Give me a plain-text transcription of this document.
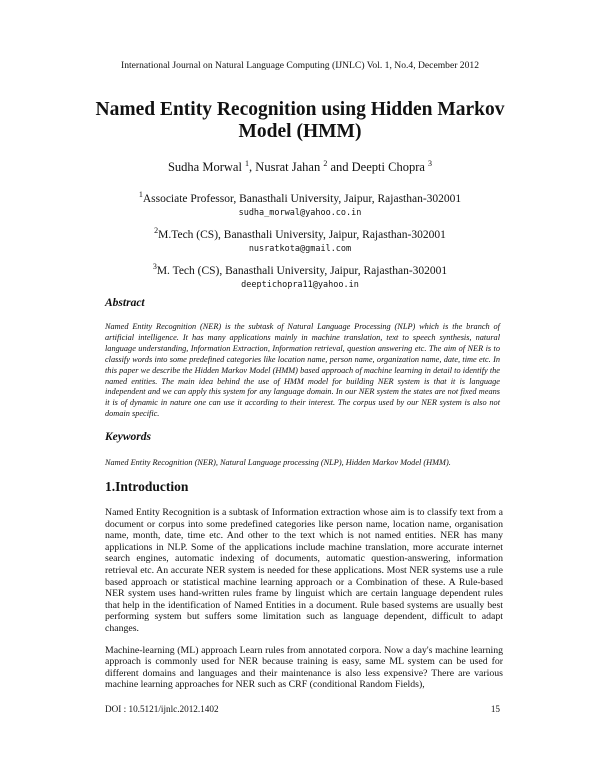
International Journal on Natural Language Computing (IJNLC) Vol. 1, No.4, December 2012
Named Entity Recognition using Hidden Markov Model (HMM)
Sudha Morwal $^1$, Nusrat Jahan $^2$ and Deepti Chopra $^3$
$^1$Associate Professor, Banasthali University, Jaipur, Rajasthan-302001
sudha_morwal@yahoo.co.in
$^2$M.Tech (CS), Banasthali University, Jaipur, Rajasthan-302001
nusratkota@gmail.com
$^3$M. Tech (CS), Banasthali University, Jaipur, Rajasthan-302001
deeptichopra11@yahoo.in
Abstract
Named Entity Recognition (NER) is the subtask of Natural Language Processing (NLP) which is the branch of artificial intelligence. It has many applications mainly in machine translation, text to speech synthesis, natural language understanding, Information Extraction, Information retrieval, question answering etc. The aim of NER is to classify words into some predefined categories like location name, person name, organization name, date, time etc. In this paper we describe the Hidden Markov Model (HMM) based approach of machine learning in detail to identify the named entities. The main idea behind the use of HMM model for building NER system is that it is language independent and we can apply this system for any language domain. In our NER system the states are not fixed means it is of dynamic in nature one can use it according to their interest. The corpus used by our NER system is also not domain specific.
Keywords
Named Entity Recognition (NER), Natural Language processing (NLP), Hidden Markov Model (HMM).
1.Introduction

Named Entity Recognition is a subtask of Information extraction whose aim is to classify text from a document or corpus into some predefined categories like person name, location name, organisation name, month, date, time etc. And other to the text which is not named entities. NER has many applications in NLP. Some of the applications include machine translation, more accurate internet search engines, automatic indexing of documents, automatic question-answering, information retrieval etc. An accurate NER system is needed for these applications. Most NER systems use a rule based approach or statistical machine learning approach or a Combination of these. A Rule-based NER system uses hand-written rules frame by linguist which are certain language dependent rules that help in the identification of Named Entities in a document. Rule based systems are usually best performing system but suffers some limitation such as language dependent, difficult to adapt changes.

Machine-learning (ML) approach Learn rules from annotated corpora. Now a day's machine learning approach is commonly used for NER because training is easy, same ML system can be used for different domains and languages and their maintenance is also less expensive? There are various machine learning approaches for NER such as CRF (conditional Random Fields),

DOI : 10.5121/ijnlc.2012.1402	15
